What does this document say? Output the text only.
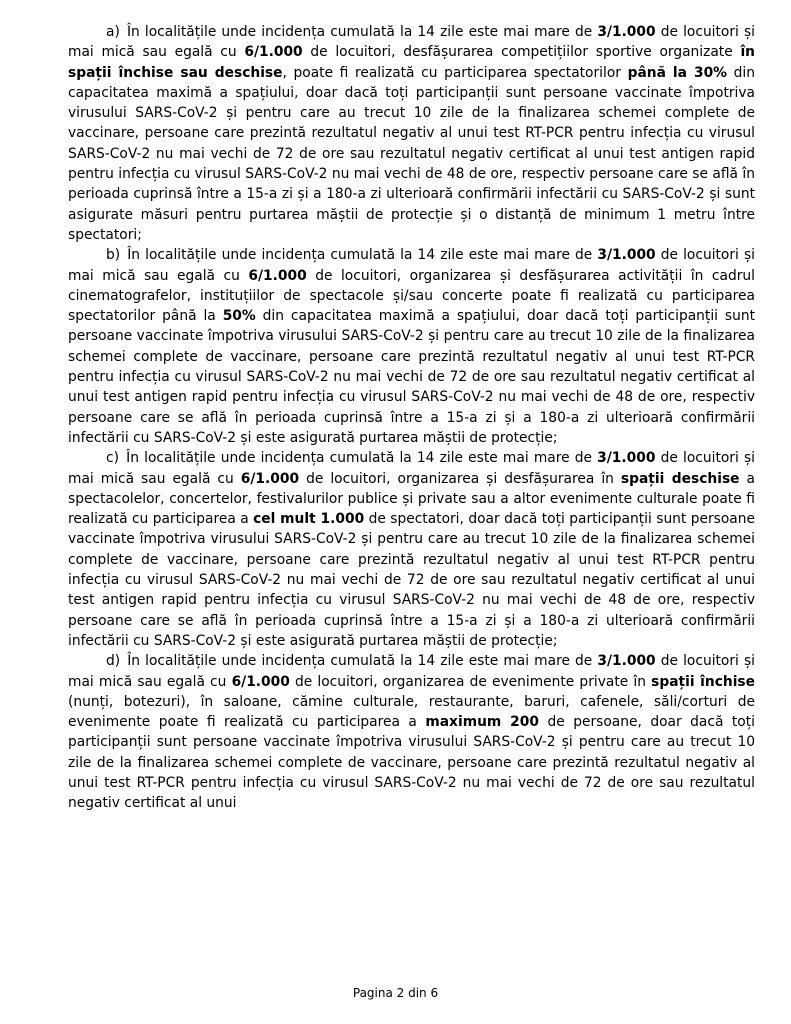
a) În localitățile unde incidența cumulată la 14 zile este mai mare de 3/1.000 de locuitori și mai mică sau egală cu 6/1.000 de locuitori, desfășurarea competițiilor sportive organizate în spații închise sau deschise, poate fi realizată cu participarea spectatorilor până la 30% din capacitatea maximă a spațiului, doar dacă toți participanții sunt persoane vaccinate împotriva virusului SARS-CoV-2 și pentru care au trecut 10 zile de la finalizarea schemei complete de vaccinare, persoane care prezintă rezultatul negativ al unui test RT-PCR pentru infecția cu virusul SARS-CoV-2 nu mai vechi de 72 de ore sau rezultatul negativ certificat al unui test antigen rapid pentru infecția cu virusul SARS-CoV-2 nu mai vechi de 48 de ore, respectiv persoane care se află în perioada cuprinsă între a 15-a zi și a 180-a zi ulterioară confirmării infectării cu SARS-CoV-2 și sunt asigurate măsuri pentru purtarea măștii de protecție și o distanță de minimum 1 metru între spectatori;

b) În localitățile unde incidența cumulată la 14 zile este mai mare de 3/1.000 de locuitori și mai mică sau egală cu 6/1.000 de locuitori, organizarea și desfășurarea activității în cadrul cinematografelor, instituțiilor de spectacole și/sau concerte poate fi realizată cu participarea spectatorilor până la 50% din capacitatea maximă a spațiului, doar dacă toți participanții sunt persoane vaccinate împotriva virusului SARS-CoV-2 și pentru care au trecut 10 zile de la finalizarea schemei complete de vaccinare, persoane care prezintă rezultatul negativ al unui test RT-PCR pentru infecția cu virusul SARS-CoV-2 nu mai vechi de 72 de ore sau rezultatul negativ certificat al unui test antigen rapid pentru infecția cu virusul SARS-CoV-2 nu mai vechi de 48 de ore, respectiv persoane care se află în perioada cuprinsă între a 15-a zi și a 180-a zi ulterioară confirmării infectării cu SARS-CoV-2 și este asigurată purtarea măștii de protecție;

c) În localitățile unde incidența cumulată la 14 zile este mai mare de 3/1.000 de locuitori și mai mică sau egală cu 6/1.000 de locuitori, organizarea și desfășurarea în spații deschise a spectacolelor, concertelor, festivalurilor publice și private sau a altor evenimente culturale poate fi realizată cu participarea a cel mult 1.000 de spectatori, doar dacă toți participanții sunt persoane vaccinate împotriva virusului SARS-CoV-2 și pentru care au trecut 10 zile de la finalizarea schemei complete de vaccinare, persoane care prezintă rezultatul negativ al unui test RT-PCR pentru infecția cu virusul SARS-CoV-2 nu mai vechi de 72 de ore sau rezultatul negativ certificat al unui test antigen rapid pentru infecția cu virusul SARS-CoV-2 nu mai vechi de 48 de ore, respectiv persoane care se află în perioada cuprinsă între a 15-a zi și a 180-a zi ulterioară confirmării infectării cu SARS-CoV-2 și este asigurată purtarea măștii de protecție;

d) În localitățile unde incidența cumulată la 14 zile este mai mare de 3/1.000 de locuitori și mai mică sau egală cu 6/1.000 de locuitori, organizarea de evenimente private în spații închise (nunți, botezuri), în saloane, cămine culturale, restaurante, baruri, cafenele, săli/corturi de evenimente poate fi realizată cu participarea a maximum 200 de persoane, doar dacă toți participanții sunt persoane vaccinate împotriva virusului SARS-CoV-2 și pentru care au trecut 10 zile de la finalizarea schemei complete de vaccinare, persoane care prezintă rezultatul negativ al unui test RT-PCR pentru infecția cu virusul SARS-CoV-2 nu mai vechi de 72 de ore sau rezultatul negativ certificat al unui

Pagina 2 din 6
